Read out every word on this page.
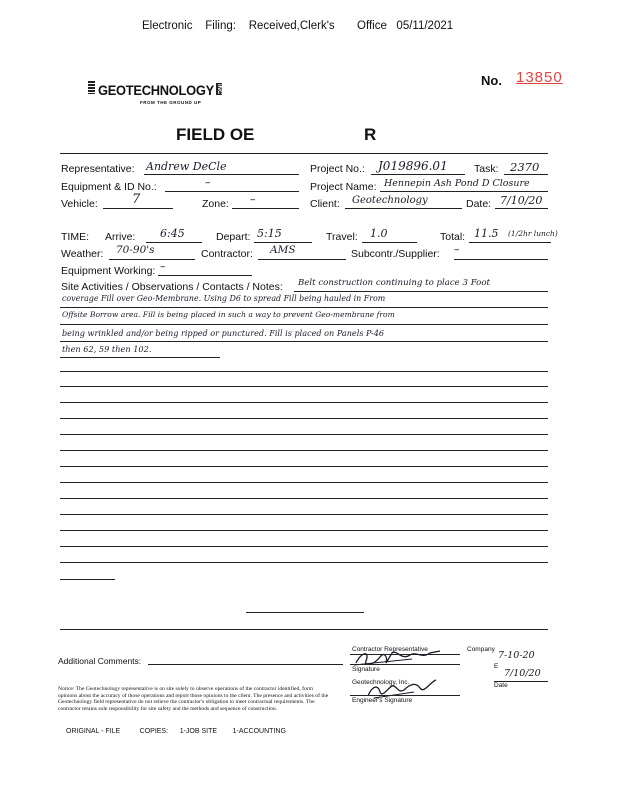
Electronic    Filing:    Received,Clerk's       Office   05/11/2021
No. 13850
GEOTECHNOLOGY INC
FROM THE GROUND UP
FIELD OE	R
Representative: Andrew DeCle	Project No.: J019896.01	Task: 2370
Equipment & ID No.:	–	Project Name: Hennepin Ash Pond D Closure
Vehicle:	7	Zone: –	Client: Geotechnology	Date: 7/10/20
TIME: Arrive: 6:45	Depart: 5:15	Travel: 1.0	Total: 11.5 (1/2hr lunch)
Weather: 70-90's	Contractor: AMS	Subcontr./Supplier: –
Equipment Working: –
Site Activities / Observations / Contacts / Notes: Belt construction continuing to place 3 Foot
coverage Fill over Geo-Membrane. Using D6 to spread Fill being hauled in From
Offsite Borrow area. Fill is being placed in such a way to prevent Geo-membrane from
being wrinkled and/or being ripped or punctured. Fill is placed on Panels P-46
then 62, 59 then 102.
Additional Comments:
Contractor Representative	Company
Signature
7-10-20
E
Geotechnology, Inc.
Engineer's Signature
7/10/20
Date
Notice: The Geotechnology representative is on site solely to observe operations of the contractor identified, form opinions about the accuracy of those operations and report those opinions to the client. The presence and activities of the Geotechnology field representative do not relieve the contractor's obligation to meet contractual requirements. The contractor retains sole responsibility for site safety and the methods and sequence of construction.
ORIGINAL - FILE          COPIES:      1-JOB SITE        1-ACCOUNTING
